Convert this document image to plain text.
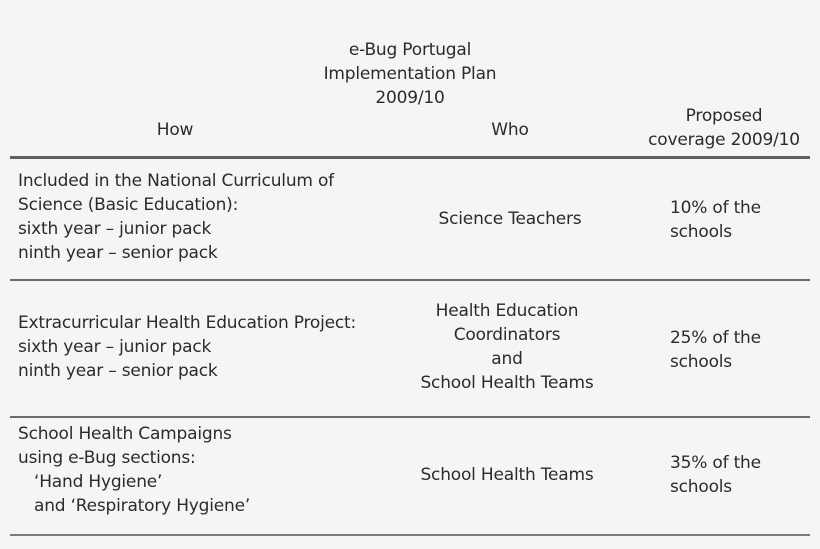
e-Bug Portugal
Implementation Plan
2009/10
How	Who
Proposed
coverage 2009/10
Included in the National Curriculum of
Science (Basic Education):
sixth year – junior pack
ninth year – senior pack
Science Teachers
10% of the
schools
Extracurricular Health Education Project:
sixth year – junior pack
ninth year – senior pack
Health Education
Coordinators
and
School Health Teams
25% of the
schools
School Health Campaigns
using e-Bug sections:
‘Hand Hygiene’
and ‘Respiratory Hygiene’
School Health Teams
35% of the
schools
